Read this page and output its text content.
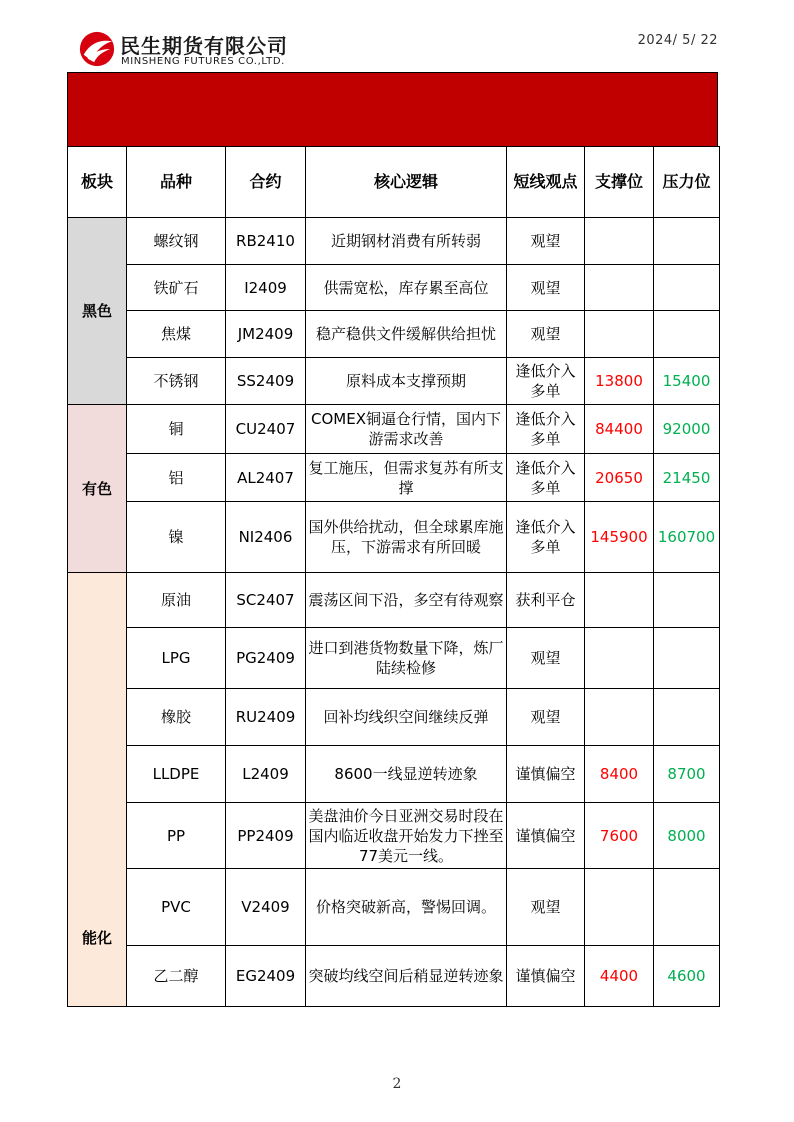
民生期货有限公司
MINSHENG FUTURES CO.,LTD.
2024/ 5/ 22
板块	品种	合约	核心逻辑	短线观点	支撑位	压力位
黑色	螺纹钢	RB2410	近期钢材消费有所转弱	观望		
	铁矿石	I2409	供需宽松，库存累至高位	观望		
	焦煤	JM2409	稳产稳供文件缓解供给担忧	观望		
	不锈钢	SS2409	原料成本支撑预期	逢低介入多单	13800	15400
有色	铜	CU2407	COMEX铜逼仓行情，国内下游需求改善	逢低介入多单	84400	92000
	铝	AL2407	复工施压，但需求复苏有所支撑	逢低介入多单	20650	21450
	镍	NI2406	国外供给扰动，但全球累库施压，下游需求有所回暖	逢低介入多单	145900	160700
能化	原油	SC2407	震荡区间下沿，多空有待观察	获利平仓		
	LPG	PG2409	进口到港货物数量下降，炼厂陆续检修	观望		
	橡胶	RU2409	回补均线织空间继续反弹	观望		
	LLDPE	L2409	8600一线显逆转迹象	谨慎偏空	8400	8700
	PP	PP2409	美盘油价今日亚洲交易时段在国内临近收盘开始发力下挫至77美元一线。	谨慎偏空	7600	8000
	PVC	V2409	价格突破新高，警惕回调。	观望		
	乙二醇	EG2409	突破均线空间后稍显逆转迹象	谨慎偏空	4400	4600
2
